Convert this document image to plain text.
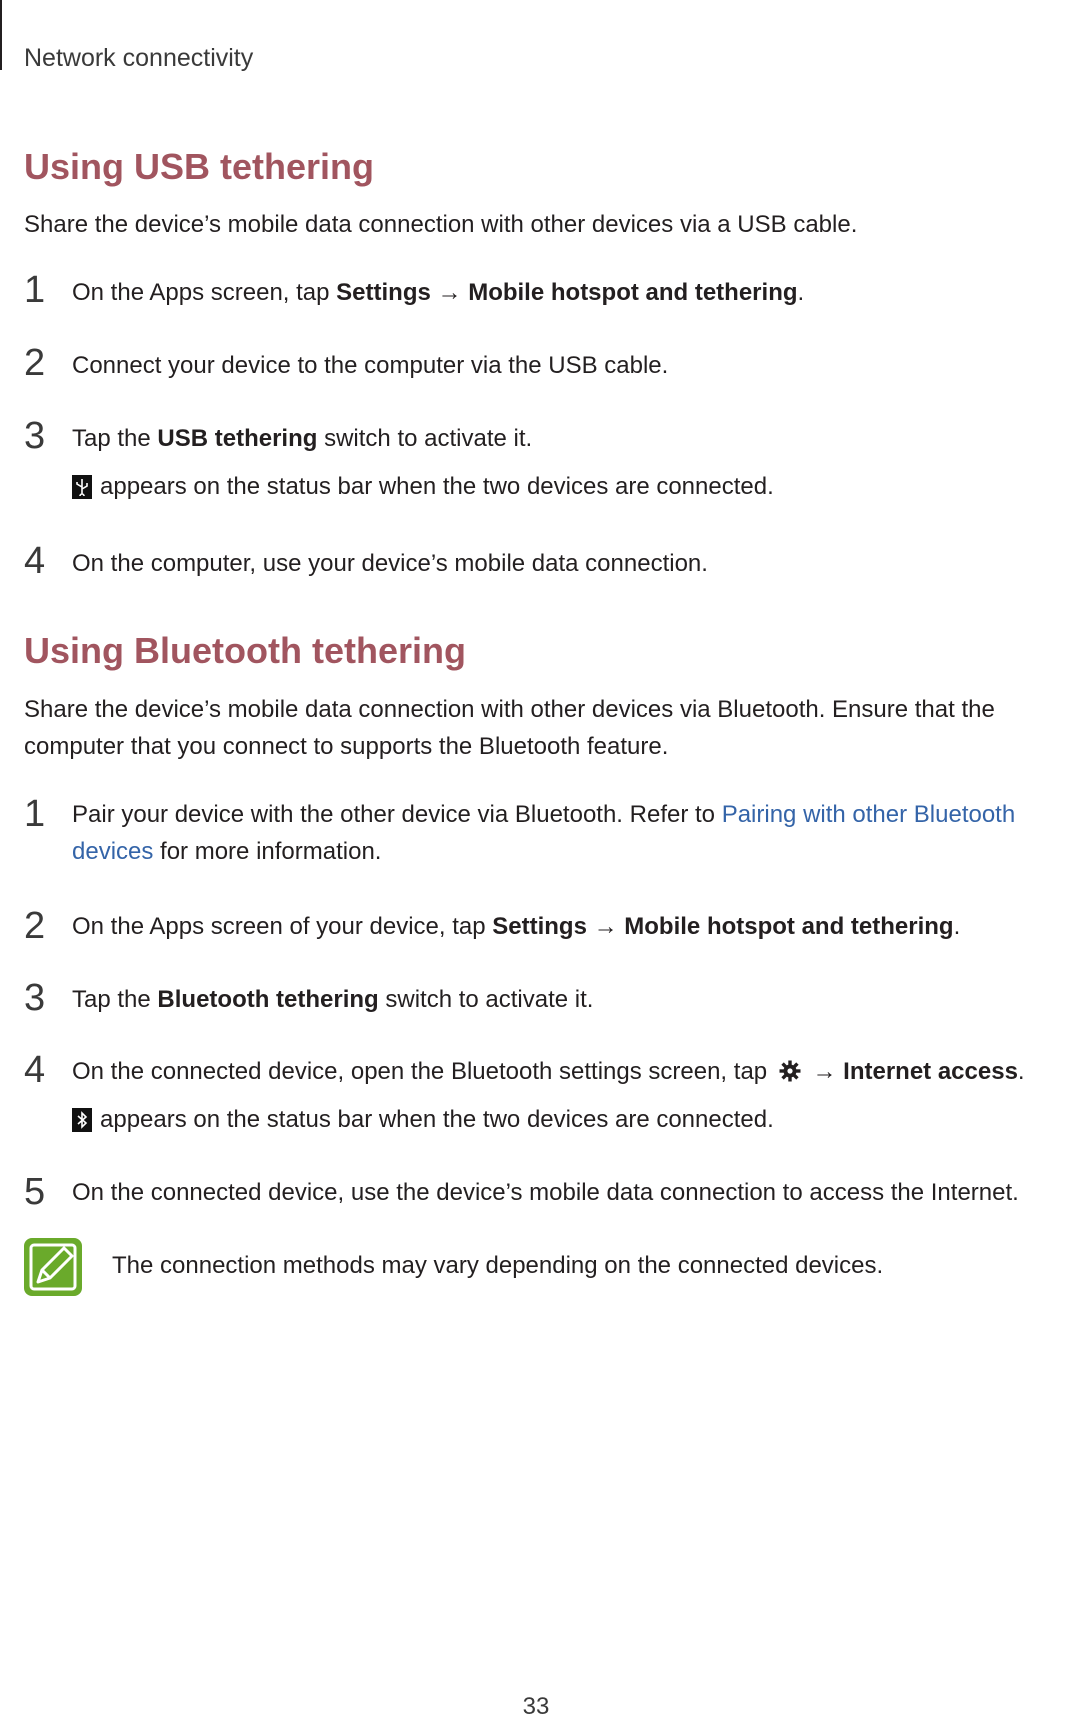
Network connectivity
Using USB tethering
Share the device’s mobile data connection with other devices via a USB cable.
1 On the Apps screen, tap Settings → Mobile hotspot and tethering.
2 Connect your device to the computer via the USB cable.
3 Tap the USB tethering switch to activate it.
appears on the status bar when the two devices are connected.
4 On the computer, use your device’s mobile data connection.
Using Bluetooth tethering
Share the device’s mobile data connection with other devices via Bluetooth. Ensure that the computer that you connect to supports the Bluetooth feature.
1 Pair your device with the other device via Bluetooth. Refer to Pairing with other Bluetooth devices for more information.
2 On the Apps screen of your device, tap Settings → Mobile hotspot and tethering.
3 Tap the Bluetooth tethering switch to activate it.
4 On the connected device, open the Bluetooth settings screen, tap  → Internet access.
appears on the status bar when the two devices are connected.
5 On the connected device, use the device’s mobile data connection to access the Internet.
The connection methods may vary depending on the connected devices.
33
